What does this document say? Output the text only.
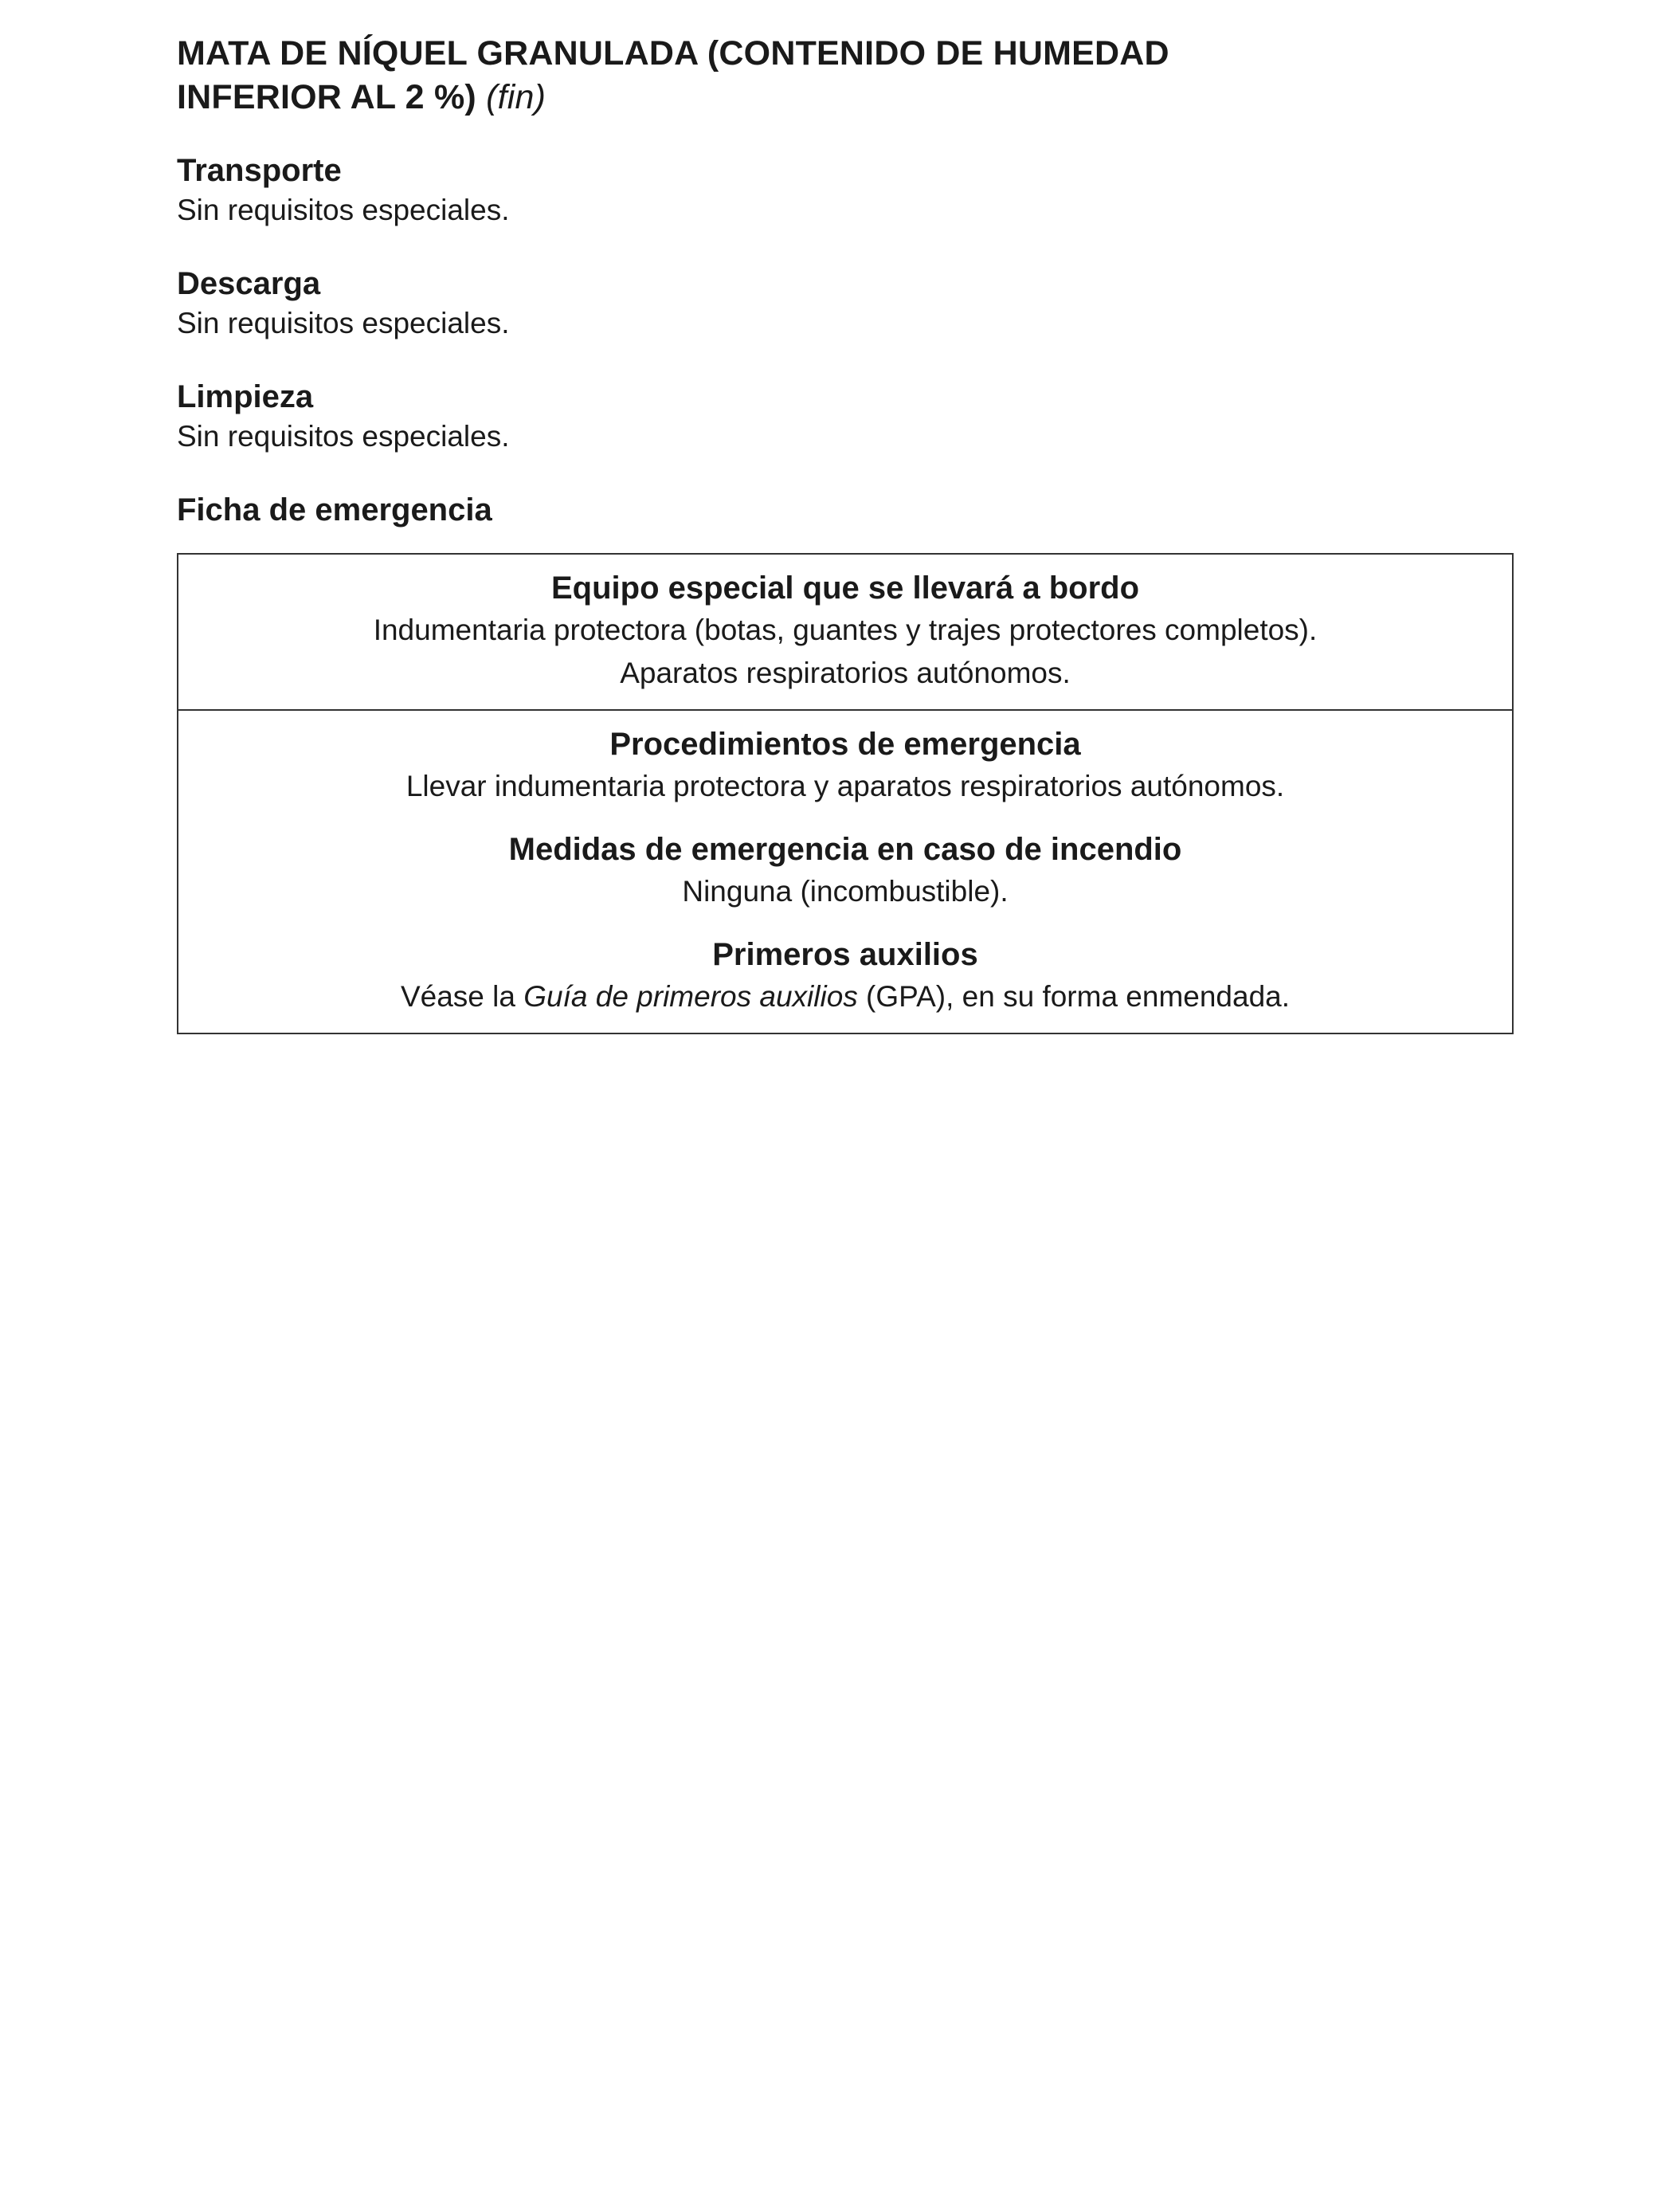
MATA DE NÍQUEL GRANULADA (CONTENIDO DE HUMEDAD
INFERIOR AL 2 %) (fin)
Transporte

Sin requisitos especiales.

Descarga

Sin requisitos especiales.

Limpieza

Sin requisitos especiales.

Ficha de emergencia
Equipo especial que se llevará a bordo

Indumentaria protectora (botas, guantes y trajes protectores completos).

Aparatos respiratorios autónomos.

Procedimientos de emergencia

Llevar indumentaria protectora y aparatos respiratorios autónomos.

Medidas de emergencia en caso de incendio

Ninguna (incombustible).

Primeros auxilios

Véase la Guía de primeros auxilios (GPA), en su forma enmendada.
